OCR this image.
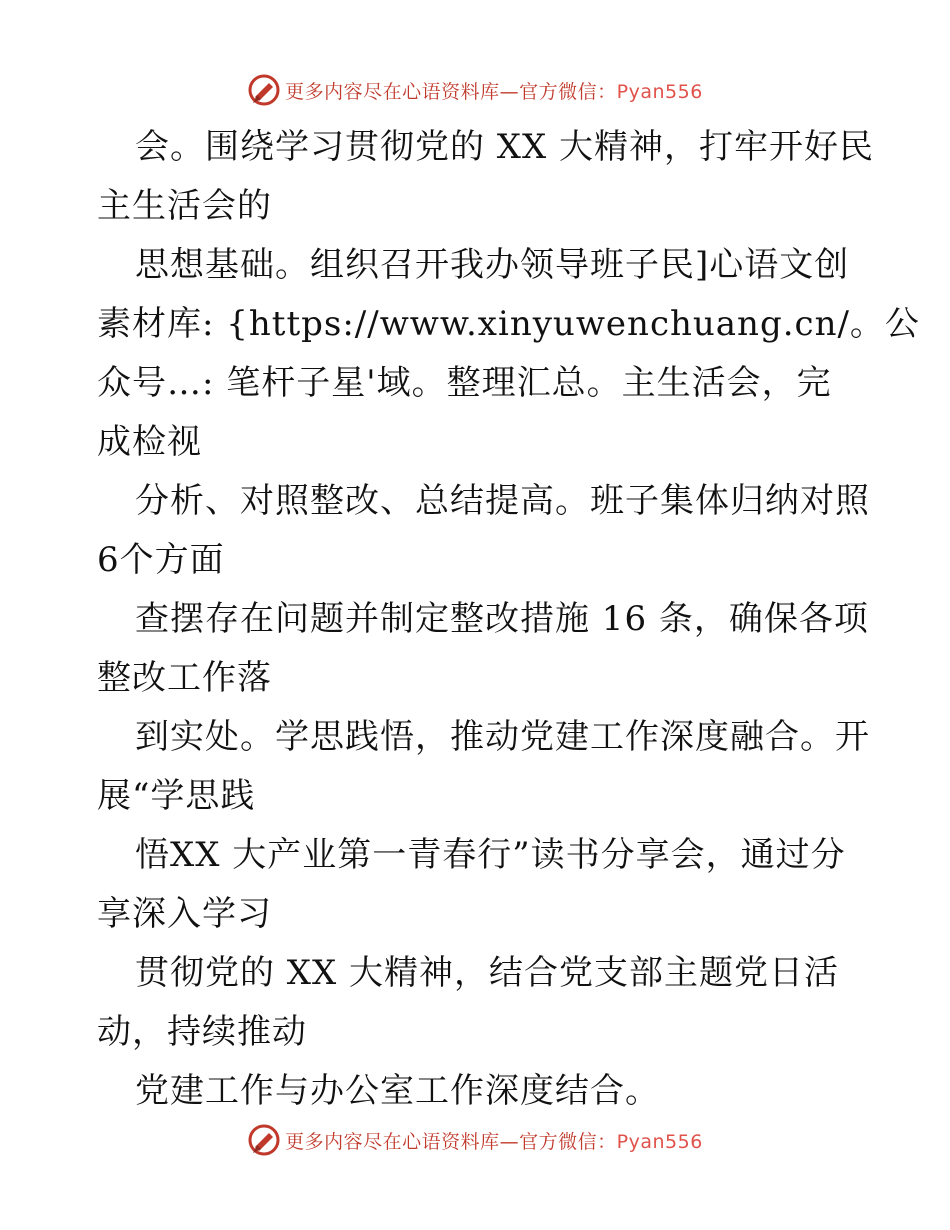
更多内容尽在心语资料库—官方微信：Pyan556
会。围绕学习贯彻党的 XX 大精神，打牢开好民
主生活会的
思想基础。组织召开我办领导班子民]心语文创
素材库: {https://www.xinyuwenchuang.cn/。公
众号…: 笔杆子星'域。整理汇总。主生活会，完
成检视
分析、对照整改、总结提高。班子集体归纳对照
6个方面
查摆存在问题并制定整改措施 16 条，确保各项
整改工作落
到实处。学思践悟，推动党建工作深度融合。开
展“学思践
悟XX 大产业第一青春行”读书分享会，通过分
享深入学习
贯彻党的 XX 大精神，结合党支部主题党日活
动，持续推动
党建工作与办公室工作深度结合。
更多内容尽在心语资料库—官方微信：Pyan556
